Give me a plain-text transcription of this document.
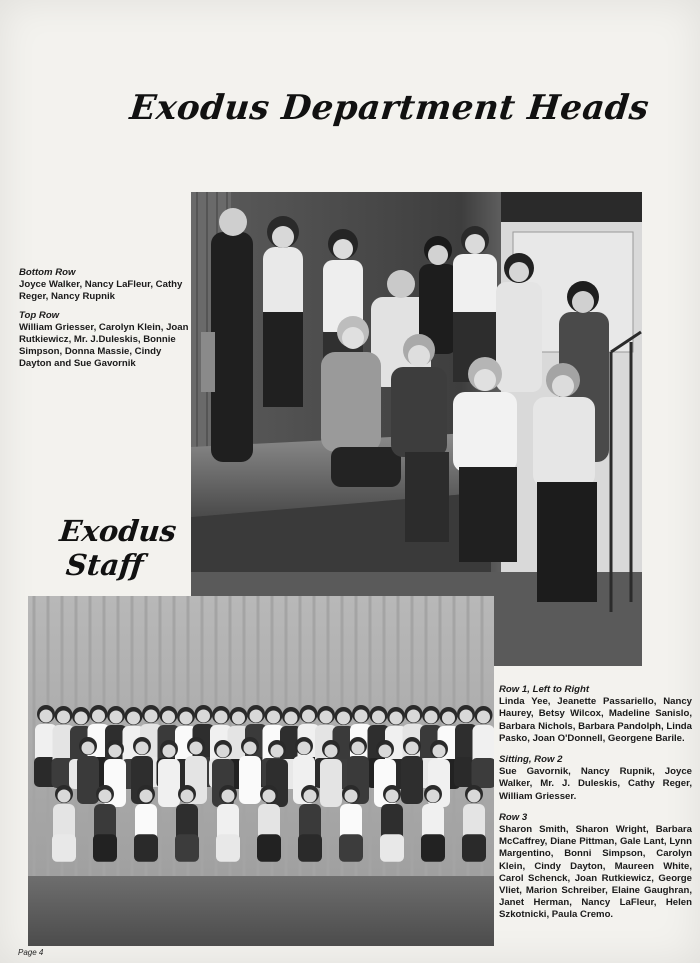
Exodus Department Heads
Bottom Row
Joyce Walker, Nancy LaFleur, Cathy Reger, Nancy Rupnik
Top Row
William Griesser, Carolyn Klein, Joan Rutkiewicz, Mr. J.Duleskis, Bonnie Simpson, Donna Massie, Cindy Dayton and Sue Gavornik
Exodus
Staff
Row 1, Left to Right
Linda Yee, Jeanette Passariello, Nancy Haurey, Betsy Wilcox, Madeline Sanislo, Barbara Nichols, Barbara Pandolph, Linda Pasko, Joan O'Donnell, Georgene Barile.
Sitting, Row 2
Sue Gavornik, Nancy Rupnik, Joyce Walker, Mr. J. Duleskis, Cathy Reger, William Griesser.
Row 3
Sharon Smith, Sharon Wright, Barbara McCaffrey, Diane Pittman, Gale Lant, Lynn Margentino, Bonni Simpson, Carolyn Klein, Cindy Dayton, Maureen White, Carol Schenck, Joan Rutkiewicz, George Vliet, Marion Schreiber, Elaine Gaughran, Janet Herman, Nancy LaFleur, Helen Szkotnicki, Paula Cremo.
Page 4
